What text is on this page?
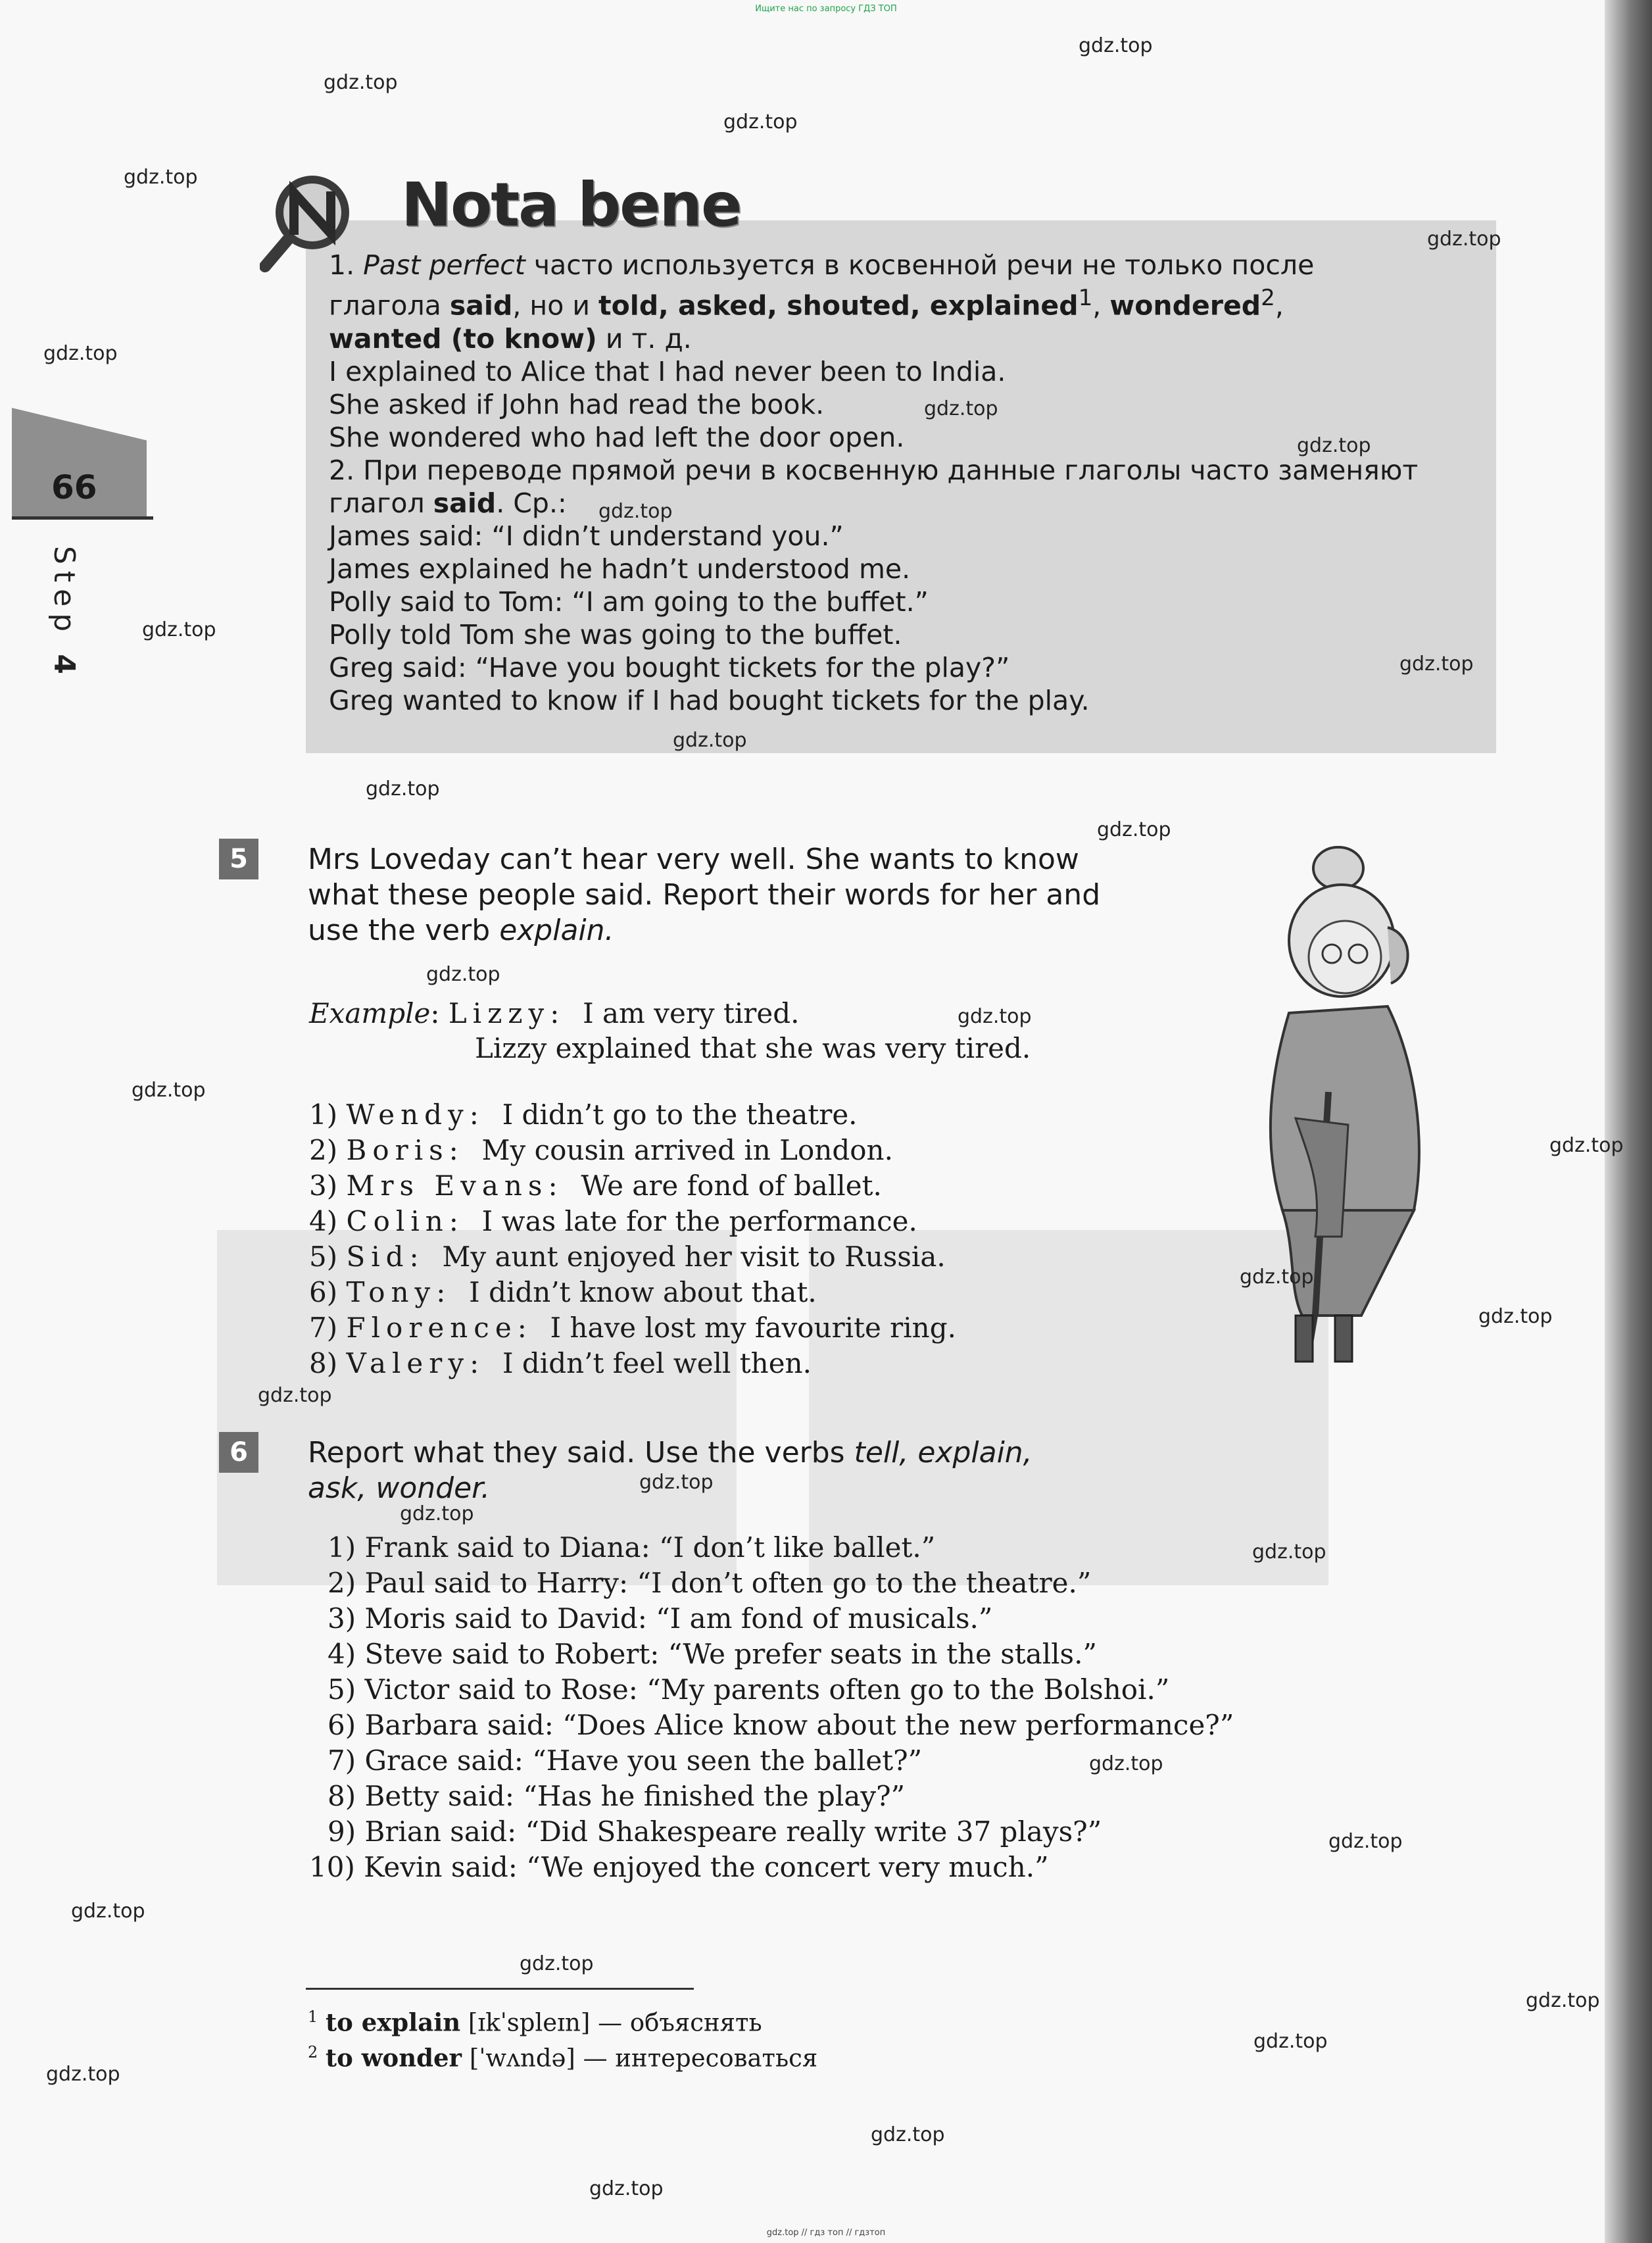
Ищите нас по запросу ГДЗ ТОП
Nota bene

1. Past perfect часто используется в косвенной речи не только после

глагола said, но и told, asked, shouted, explained$^1$, wondered$^2$,

wanted (to know) и т. д.

I explained to Alice that I had never been to India.

She asked if John had read the book.

She wondered who had left the door open.

2. При переводе прямой речи в косвенную данные глаголы часто заменяют

глагол said. Ср.:

James said: “I didn’t understand you.”

James explained he hadn’t understood me.

Polly said to Tom: “I am going to the buffet.”

Polly told Tom she was going to the buffet.

Greg said: “Have you bought tickets for the play?”

Greg wanted to know if I had bought tickets for the play.

66
Step 4
5	Mrs Loveday can’t hear very well. She wants to know
what these people said. Report their words for her and
use the verb explain.
Example: Lizzy: I am very tired.
Lizzy explained that she was very tired.
1) Wendy: I didn’t go to the theatre.
2) Boris: My cousin arrived in London.
3) Mrs Evans: We are fond of ballet.
4) Colin: I was late for the performance.
5) Sid: My aunt enjoyed her visit to Russia.
6) Tony: I didn’t know about that.
7) Florence: I have lost my favourite ring.
8) Valery: I didn’t feel well then.
6	Report what they said. Use the verbs tell, explain,
ask, wonder.
1) Frank said to Diana: “I don’t like ballet.”
2) Paul said to Harry: “I don’t often go to the theatre.”
3) Moris said to David: “I am fond of musicals.”
4) Steve said to Robert: “We prefer seats in the stalls.”
5) Victor said to Rose: “My parents often go to the Bolshoi.”
6) Barbara said: “Does Alice know about the new performance?”
7) Grace said: “Have you seen the ballet?”
8) Betty said: “Has he finished the play?”
9) Brian said: “Did Shakespeare really write 37 plays?”
10) Kevin said: “We enjoyed the concert very much.”
$^1$ to explain [ɪkˈspleɪn] — объяснять
$^2$ to wonder [ˈwʌndə] — интересоваться
gdz.top
gdz.top
gdz.top
gdz.top
gdz.top
gdz.top
gdz.top
gdz.top
gdz.top
gdz.top
gdz.top
gdz.top
gdz.top
gdz.top
gdz.top
gdz.top
gdz.top
gdz.top
gdz.top
gdz.top
gdz.top
gdz.top
gdz.top
gdz.top
gdz.top
gdz.top
gdz.top
gdz.top
gdz.top
gdz.top
gdz.top
gdz.top
gdz.top
gdz.top // гдз топ // гдзтоп
